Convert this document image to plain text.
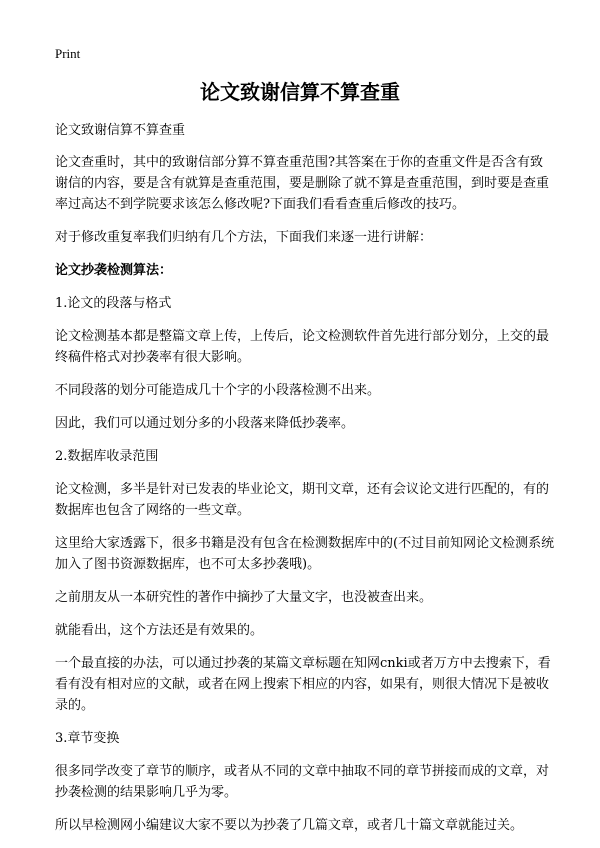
Print
论文致谢信算不算查重

论文致谢信算不算查重

论文查重时，其中的致谢信部分算不算查重范围?其答案在于你的查重文件是否含有致谢信的内容，要是含有就算是查重范围，要是删除了就不算是查重范围，到时要是查重率过高达不到学院要求该怎么修改呢?下面我们看看查重后修改的技巧。

对于修改重复率我们归纳有几个方法，下面我们来逐一进行讲解：

论文抄袭检测算法：

1.论文的段落与格式

论文检测基本都是整篇文章上传，上传后，论文检测软件首先进行部分划分，上交的最终稿件格式对抄袭率有很大影响。

不同段落的划分可能造成几十个字的小段落检测不出来。

因此，我们可以通过划分多的小段落来降低抄袭率。

2.数据库收录范围

论文检测，多半是针对已发表的毕业论文，期刊文章，还有会议论文进行匹配的，有的数据库也包含了网络的一些文章。

这里给大家透露下，很多书籍是没有包含在检测数据库中的(不过目前知网论文检测系统加入了图书资源数据库，也不可太多抄袭哦)。

之前朋友从一本研究性的著作中摘抄了大量文字，也没被查出来。

就能看出，这个方法还是有效果的。

一个最直接的办法，可以通过抄袭的某篇文章标题在知网cnki或者万方中去搜索下，看看有没有相对应的文献，或者在网上搜索下相应的内容，如果有，则很大情况下是被收录的。

3.章节变换

很多同学改变了章节的顺序，或者从不同的文章中抽取不同的章节拼接而成的文章，对抄袭检测的结果影响几乎为零。

所以早检测网小编建议大家不要以为抄袭了几篇文章，或者几十篇文章就能过关。
